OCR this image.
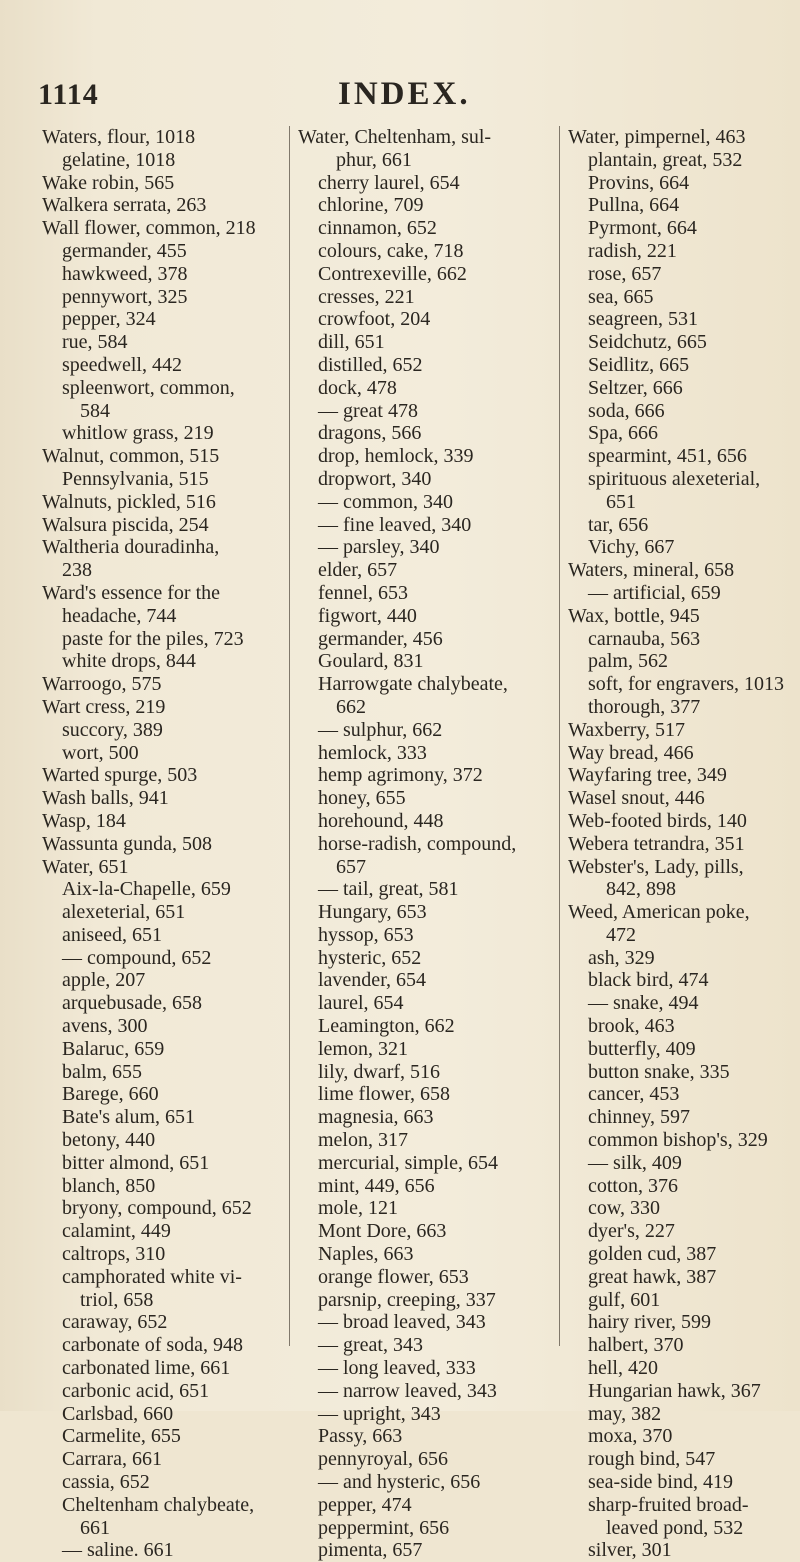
1114	INDEX.
Waters, flour, 1018
gelatine, 1018
Wake robin, 565
Walkera serrata, 263
Wall flower, common, 218
germander, 455
hawkweed, 378
pennywort, 325
pepper, 324
rue, 584
speedwell, 442
spleenwort, common,
584
whitlow grass, 219
Walnut, common, 515
Pennsylvania, 515
Walnuts, pickled, 516
Walsura piscida, 254
Waltheria douradinha,
238
Ward's essence for the
headache, 744
paste for the piles, 723
white drops, 844
Warroogo, 575
Wart cress, 219
succory, 389
wort, 500
Warted spurge, 503
Wash balls, 941
Wasp, 184
Wassunta gunda, 508
Water, 651
Aix-la-Chapelle, 659
alexeterial, 651
aniseed, 651
— compound, 652
apple, 207
arquebusade, 658
avens, 300
Balaruc, 659
balm, 655
Barege, 660
Bate's alum, 651
betony, 440
bitter almond, 651
blanch, 850
bryony, compound, 652
calamint, 449
caltrops, 310
camphorated white vi-
triol, 658
caraway, 652
carbonate of soda, 948
carbonated lime, 661
carbonic acid, 651
Carlsbad, 660
Carmelite, 655
Carrara, 661
cassia, 652
Cheltenham chalybeate,
661
— saline. 661
Water, Cheltenham, sul-
phur, 661
cherry laurel, 654
chlorine, 709
cinnamon, 652
colours, cake, 718
Contrexeville, 662
cresses, 221
crowfoot, 204
dill, 651
distilled, 652
dock, 478
— great 478
dragons, 566
drop, hemlock, 339
dropwort, 340
— common, 340
— fine leaved, 340
— parsley, 340
elder, 657
fennel, 653
figwort, 440
germander, 456
Goulard, 831
Harrowgate chalybeate,
662
— sulphur, 662
hemlock, 333
hemp agrimony, 372
honey, 655
horehound, 448
horse-radish, compound,
657
— tail, great, 581
Hungary, 653
hyssop, 653
hysteric, 652
lavender, 654
laurel, 654
Leamington, 662
lemon, 321
lily, dwarf, 516
lime flower, 658
magnesia, 663
melon, 317
mercurial, simple, 654
mint, 449, 656
mole, 121
Mont Dore, 663
Naples, 663
orange flower, 653
parsnip, creeping, 337
— broad leaved, 343
— great, 343
— long leaved, 333
— narrow leaved, 343
— upright, 343
Passy, 663
pennyroyal, 656
— and hysteric, 656
pepper, 474
peppermint, 656
pimenta, 657
Water, pimpernel, 463
plantain, great, 532
Provins, 664
Pullna, 664
Pyrmont, 664
radish, 221
rose, 657
sea, 665
seagreen, 531
Seidchutz, 665
Seidlitz, 665
Seltzer, 666
soda, 666
Spa, 666
spearmint, 451, 656
spirituous alexeterial,
651
tar, 656
Vichy, 667
Waters, mineral, 658
— artificial, 659
Wax, bottle, 945
carnauba, 563
palm, 562
soft, for engravers, 1013
thorough, 377
Waxberry, 517
Way bread, 466
Wayfaring tree, 349
Wasel snout, 446
Web-footed birds, 140
Webera tetrandra, 351
Webster's, Lady, pills,
842, 898
Weed, American poke,
472
ash, 329
black bird, 474
— snake, 494
brook, 463
butterfly, 409
button snake, 335
cancer, 453
chinney, 597
common bishop's, 329
— silk, 409
cotton, 376
cow, 330
dyer's, 227
golden cud, 387
great hawk, 387
gulf, 601
hairy river, 599
halbert, 370
hell, 420
Hungarian hawk, 367
may, 382
moxa, 370
rough bind, 547
sea-side bind, 419
sharp-fruited broad-
leaved pond, 532
silver, 301
